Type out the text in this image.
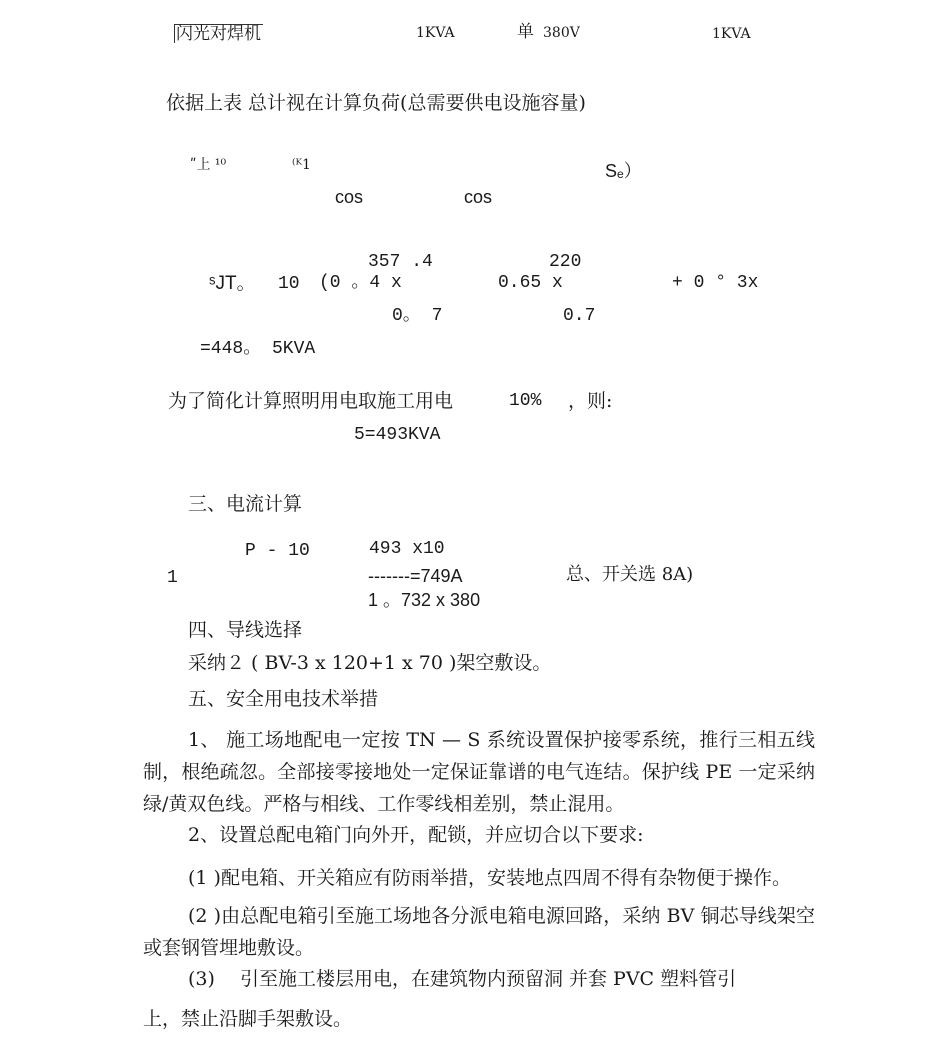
闪光对焊机	1KVA	单 380V	1KVA
依据上表 总计视在计算负荷(总需要供电设施容量)
ʺ上 ¹⁰	⁽ᴷ1	Sₑ）
cos	cos
357 .4	220
ˢJT。 10 (0 。4 x	0.65 x	+ 0 ° 3x
0。 7	0.7
=448。 5KVA
为了简化计算照明用电取施工用电	10% ，则:
5=493KVA
三、电流计算
P - 10	493 x10
1	-------=749A	总、开关选 8A)
1 。732 x 380
四、导线选择
采纳２ ( BV-3 x 120+1 x 70 )架空敷设。
五、安全用电技术举措
1、 施工场地配电一定按 TN — S 系统设置保护接零系统，推行三相五线制，根绝疏忽。全部接零接地处一定保证靠谱的电气连结。保护线 PE 一定采纳绿/黄双色线。严格与相线、工作零线相差别，禁止混用。
2、设置总配电箱门向外开，配锁，并应切合以下要求:
(1 )配电箱、开关箱应有防雨举措，安装地点四周不得有杂物便于操作。
(2 )由总配电箱引至施工场地各分派电箱电源回路，采纳 BV 铜芯导线架空或套钢管埋地敷设。
(3)　 引至施工楼层用电，在建筑物内预留洞 并套 PVC 塑料管引
上，禁止沿脚手架敷设。
